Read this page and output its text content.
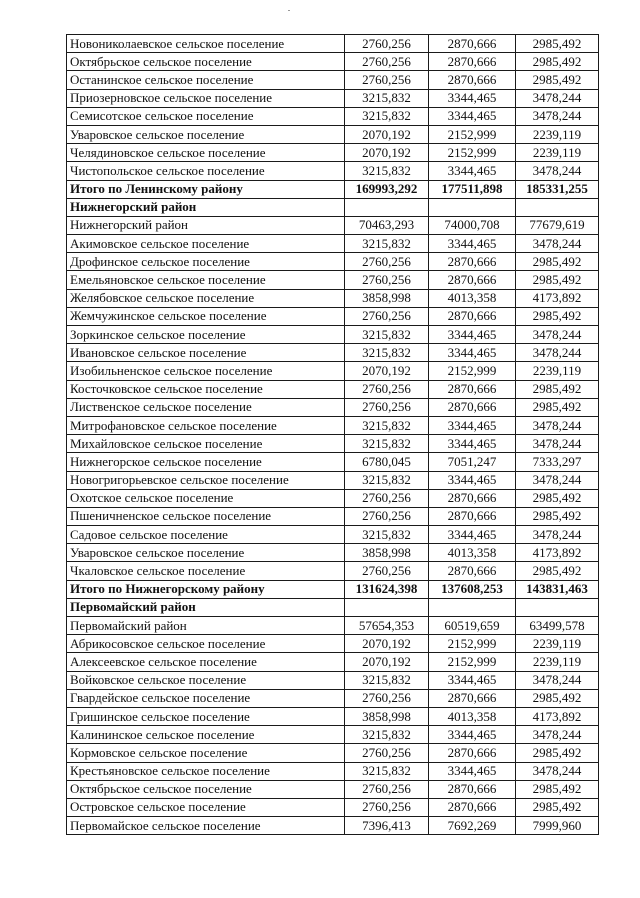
Новониколаевское сельское поселение	2760,256	2870,666	2985,492
Октябрьское сельское поселение	2760,256	2870,666	2985,492
Останинское сельское поселение	2760,256	2870,666	2985,492
Приозерновское сельское поселение	3215,832	3344,465	3478,244
Семисотское сельское поселение	3215,832	3344,465	3478,244
Уваровское сельское поселение	2070,192	2152,999	2239,119
Челядиновское сельское поселение	2070,192	2152,999	2239,119
Чистопольское сельское поселение	3215,832	3344,465	3478,244
Итого по Ленинскому району	169993,292	177511,898	185331,255
Нижнегорский район			
Нижнегорский район	70463,293	74000,708	77679,619
Акимовское сельское поселение	3215,832	3344,465	3478,244
Дрофинское сельское поселение	2760,256	2870,666	2985,492
Емельяновское сельское поселение	2760,256	2870,666	2985,492
Желябовское сельское поселение	3858,998	4013,358	4173,892
Жемчужинское сельское поселение	2760,256	2870,666	2985,492
Зоркинское сельское поселение	3215,832	3344,465	3478,244
Ивановское сельское поселение	3215,832	3344,465	3478,244
Изобильненское сельское поселение	2070,192	2152,999	2239,119
Косточковское сельское поселение	2760,256	2870,666	2985,492
Лиственское сельское поселение	2760,256	2870,666	2985,492
Митрофановское сельское поселение	3215,832	3344,465	3478,244
Михайловское сельское поселение	3215,832	3344,465	3478,244
Нижнегорское сельское поселение	6780,045	7051,247	7333,297
Новогригорьевское сельское поселение	3215,832	3344,465	3478,244
Охотское сельское поселение	2760,256	2870,666	2985,492
Пшеничненское сельское поселение	2760,256	2870,666	2985,492
Садовое сельское поселение	3215,832	3344,465	3478,244
Уваровское сельское поселение	3858,998	4013,358	4173,892
Чкаловское сельское поселение	2760,256	2870,666	2985,492
Итого по Нижнегорскому району	131624,398	137608,253	143831,463
Первомайский район			
Первомайский район	57654,353	60519,659	63499,578
Абрикосовское сельское поселение	2070,192	2152,999	2239,119
Алексеевское сельское поселение	2070,192	2152,999	2239,119
Войковское сельское поселение	3215,832	3344,465	3478,244
Гвардейское сельское поселение	2760,256	2870,666	2985,492
Гришинское сельское поселение	3858,998	4013,358	4173,892
Калининское сельское поселение	3215,832	3344,465	3478,244
Кормовское сельское поселение	2760,256	2870,666	2985,492
Крестьяновское сельское поселение	3215,832	3344,465	3478,244
Октябрьское сельское поселение	2760,256	2870,666	2985,492
Островское сельское поселение	2760,256	2870,666	2985,492
Первомайское сельское поселение	7396,413	7692,269	7999,960
